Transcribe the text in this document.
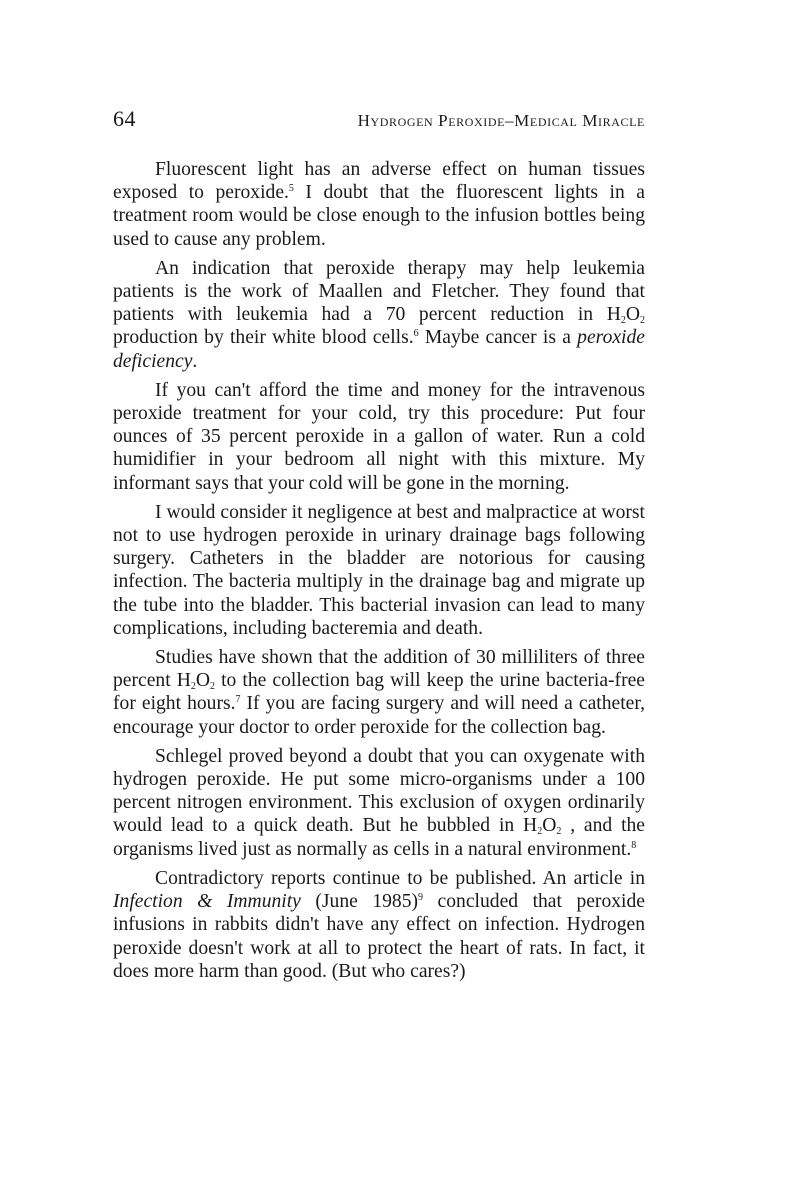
64	Hydrogen Peroxide–Medical Miracle

Fluorescent light has an adverse effect on human tissues exposed to peroxide.$^5$ I doubt that the fluorescent lights in a treatment room would be close enough to the infusion bottles being used to cause any problem.

An indication that peroxide therapy may help leukemia patients is the work of Maallen and Fletcher. They found that patients with leukemia had a 70 percent reduction in $H_2O_2$ production by their white blood cells.$^6$ Maybe cancer is a peroxide deficiency.

If you can't afford the time and money for the intravenous peroxide treatment for your cold, try this procedure: Put four ounces of 35 percent peroxide in a gallon of water. Run a cold humidifier in your bedroom all night with this mixture. My informant says that your cold will be gone in the morning.

I would consider it negligence at best and malpractice at worst not to use hydrogen peroxide in urinary drainage bags following surgery. Catheters in the bladder are notorious for causing infection. The bacteria multiply in the drainage bag and migrate up the tube into the bladder. This bacterial invasion can lead to many complications, including bacteremia and death.

Studies have shown that the addition of 30 milliliters of three percent $H_2O_2$ to the collection bag will keep the urine bacteria-free for eight hours.$^7$ If you are facing surgery and will need a catheter, encourage your doctor to order peroxide for the collection bag.

Schlegel proved beyond a doubt that you can oxygenate with hydrogen peroxide. He put some micro-organisms under a 100 percent nitrogen environment. This exclusion of oxygen ordinarily would lead to a quick death. But he bubbled in $H_2O_2$ , and the organisms lived just as normally as cells in a natural environment.$^8$

Contradictory reports continue to be published. An article in Infection & Immunity (June 1985)$^9$ concluded that peroxide infusions in rabbits didn't have any effect on infection. Hydrogen peroxide doesn't work at all to protect the heart of rats. In fact, it does more harm than good. (But who cares?)
